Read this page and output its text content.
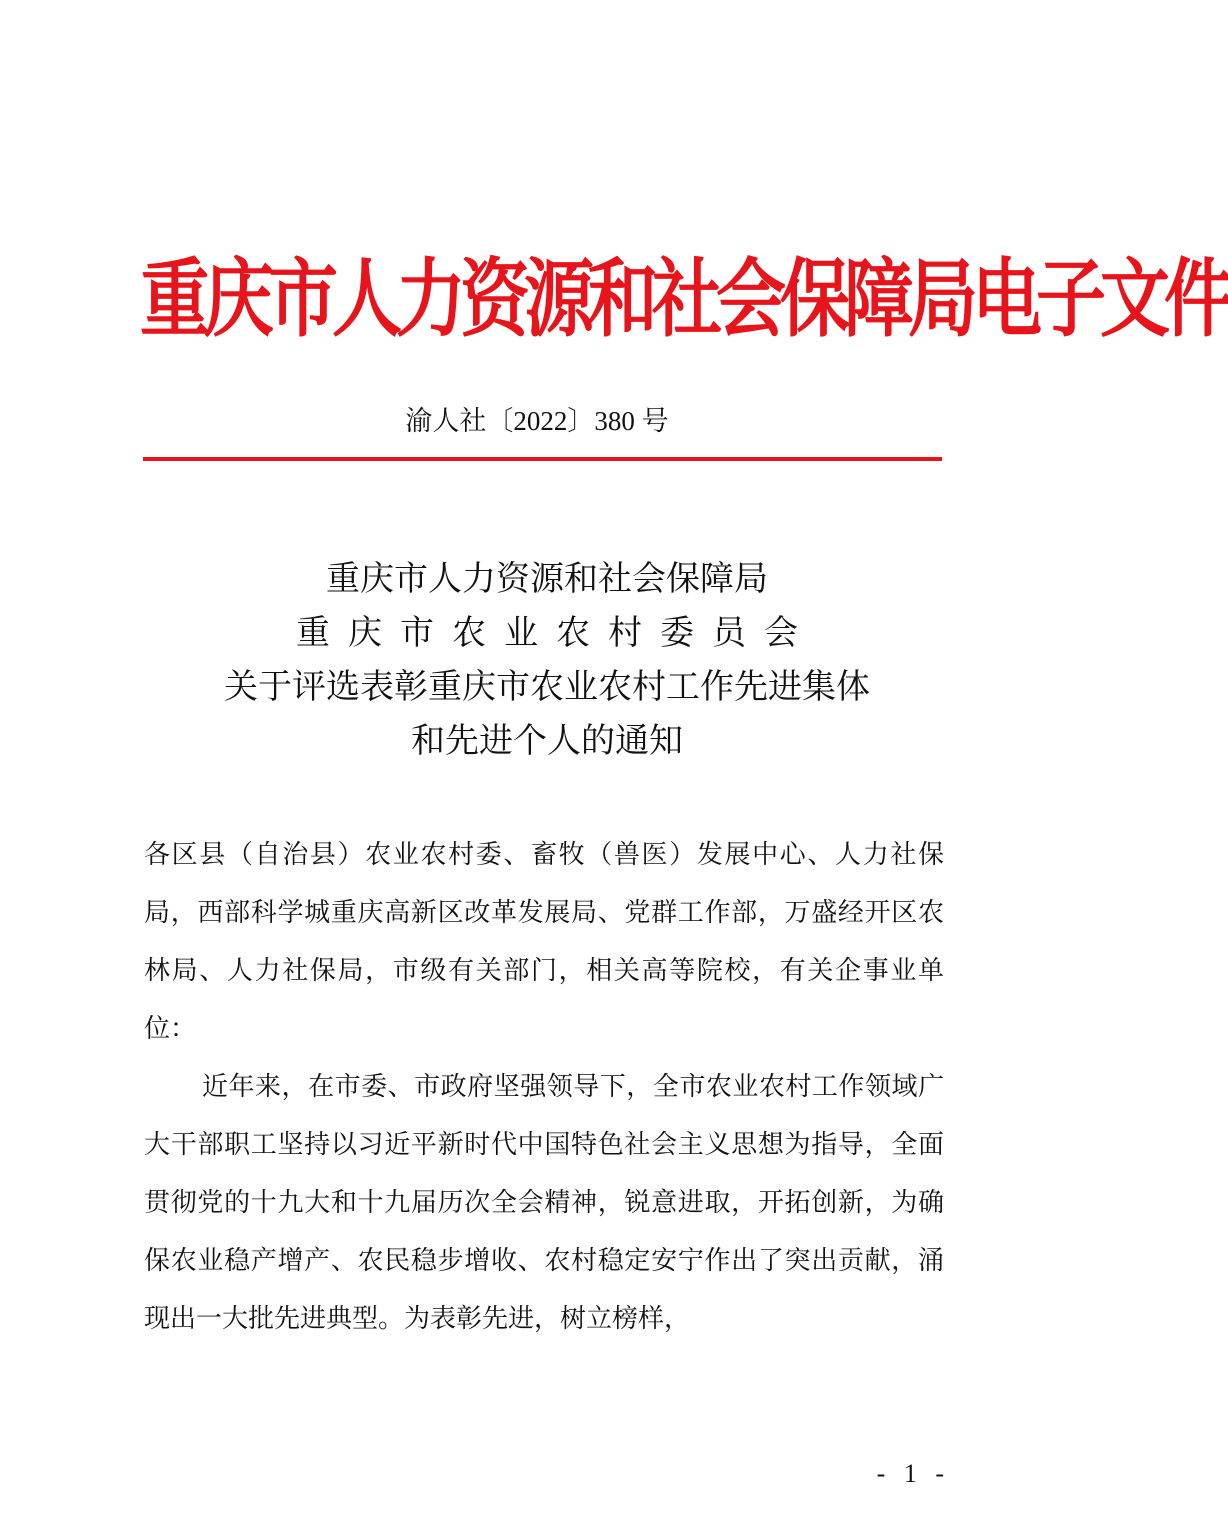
重庆市人力资源和社会保障局电子文件
渝人社〔2022〕380 号
重庆市人力资源和社会保障局
重庆市农业农村委员会
关于评选表彰重庆市农业农村工作先进集体
和先进个人的通知

各区县（自治县）农业农村委、畜牧（兽医）发展中心、人力社保局，西部科学城重庆高新区改革发展局、党群工作部，万盛经开区农林局、人力社保局，市级有关部门，相关高等院校，有关企事业单位：

近年来，在市委、市政府坚强领导下，全市农业农村工作领域广大干部职工坚持以习近平新时代中国特色社会主义思想为指导，全面贯彻党的十九大和十九届历次全会精神，锐意进取，开拓创新，为确保农业稳产增产、农民稳步增收、农村稳定安宁作出了突出贡献，涌现出一大批先进典型。为表彰先进，树立榜样，

- 1 -
